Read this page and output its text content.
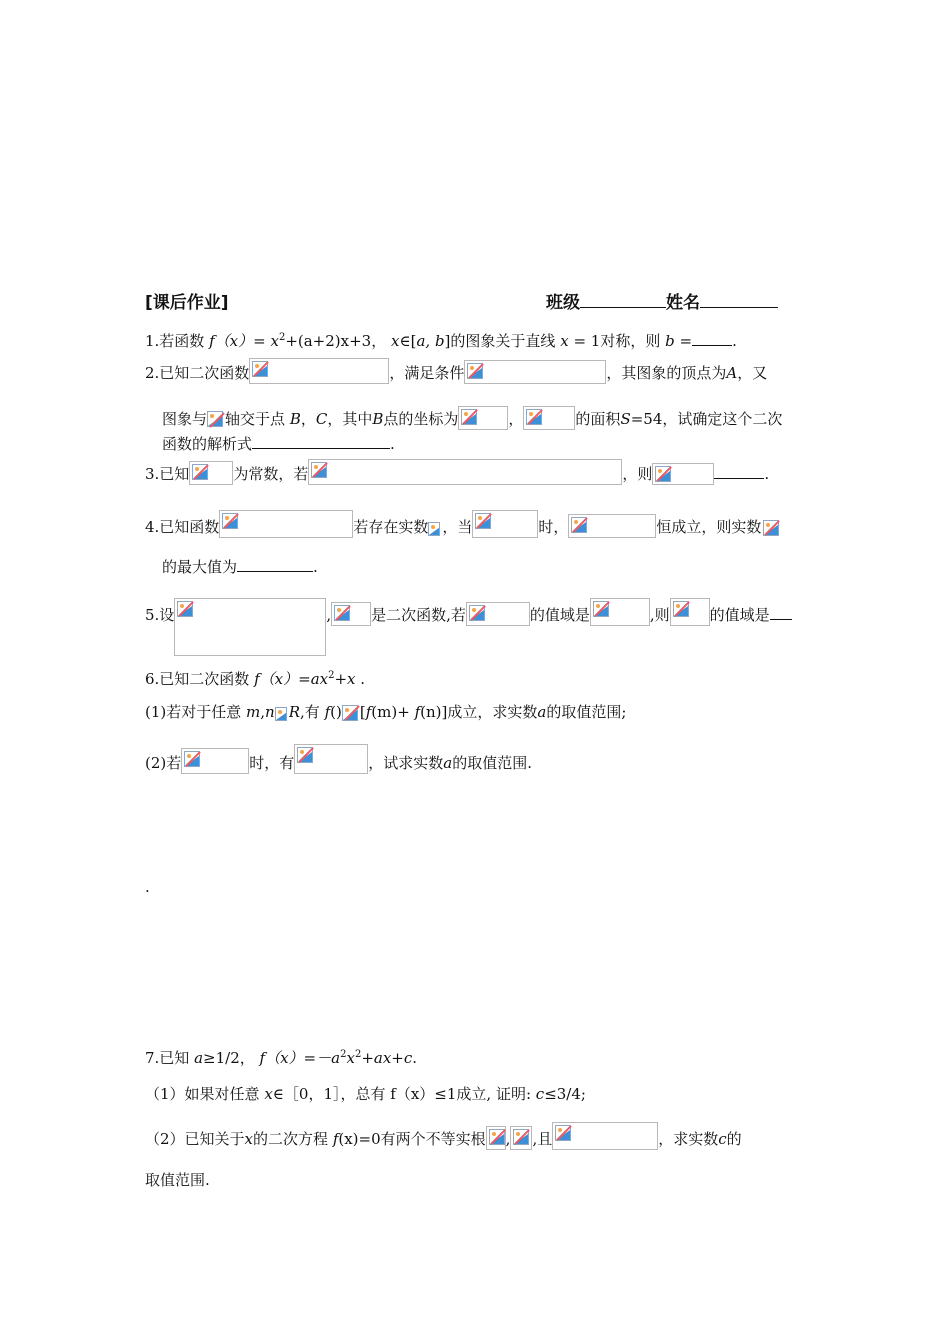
[课后作业]	班级	姓名
1.若函数 $f(x)= x^2+(a+2)x+3$， x∈[a, b]的图象关于直线 x = 1对称，则 b =	.
2.已知二次函数	，满足条件	，其图象的顶点为A，又
图象与 轴交于点 B，C，其中B点的坐标为	，	的面积S=54，试确定这个二次
函数的解析式	.
3.已知	为常数，若	，则	.
4.已知函数	若存在实数 ，当	时，	恒成立，则实数
的最大值为	.
5.设	,	是二次函数,若	的值域是	,则	的值域是
6.已知二次函数 $f(x)=ax^2+x$ .
(1)若对于任意 m,n R,有 f() [f(m)+ f(n)]成立，求实数a的取值范围;
(2)若	时，有	，试求实数a的取值范围.
.
7.已知 a≥1/2， $f(x)=-a^2x^2+ax+c$.
（1）如果对任意 x∈［0，1］，总有 f（x）≤1成立, 证明: c≤3/4;
（2）已知关于x的二次方程 f(x)=0有两个不等实根 , ,且	，求实数c的
取值范围.
